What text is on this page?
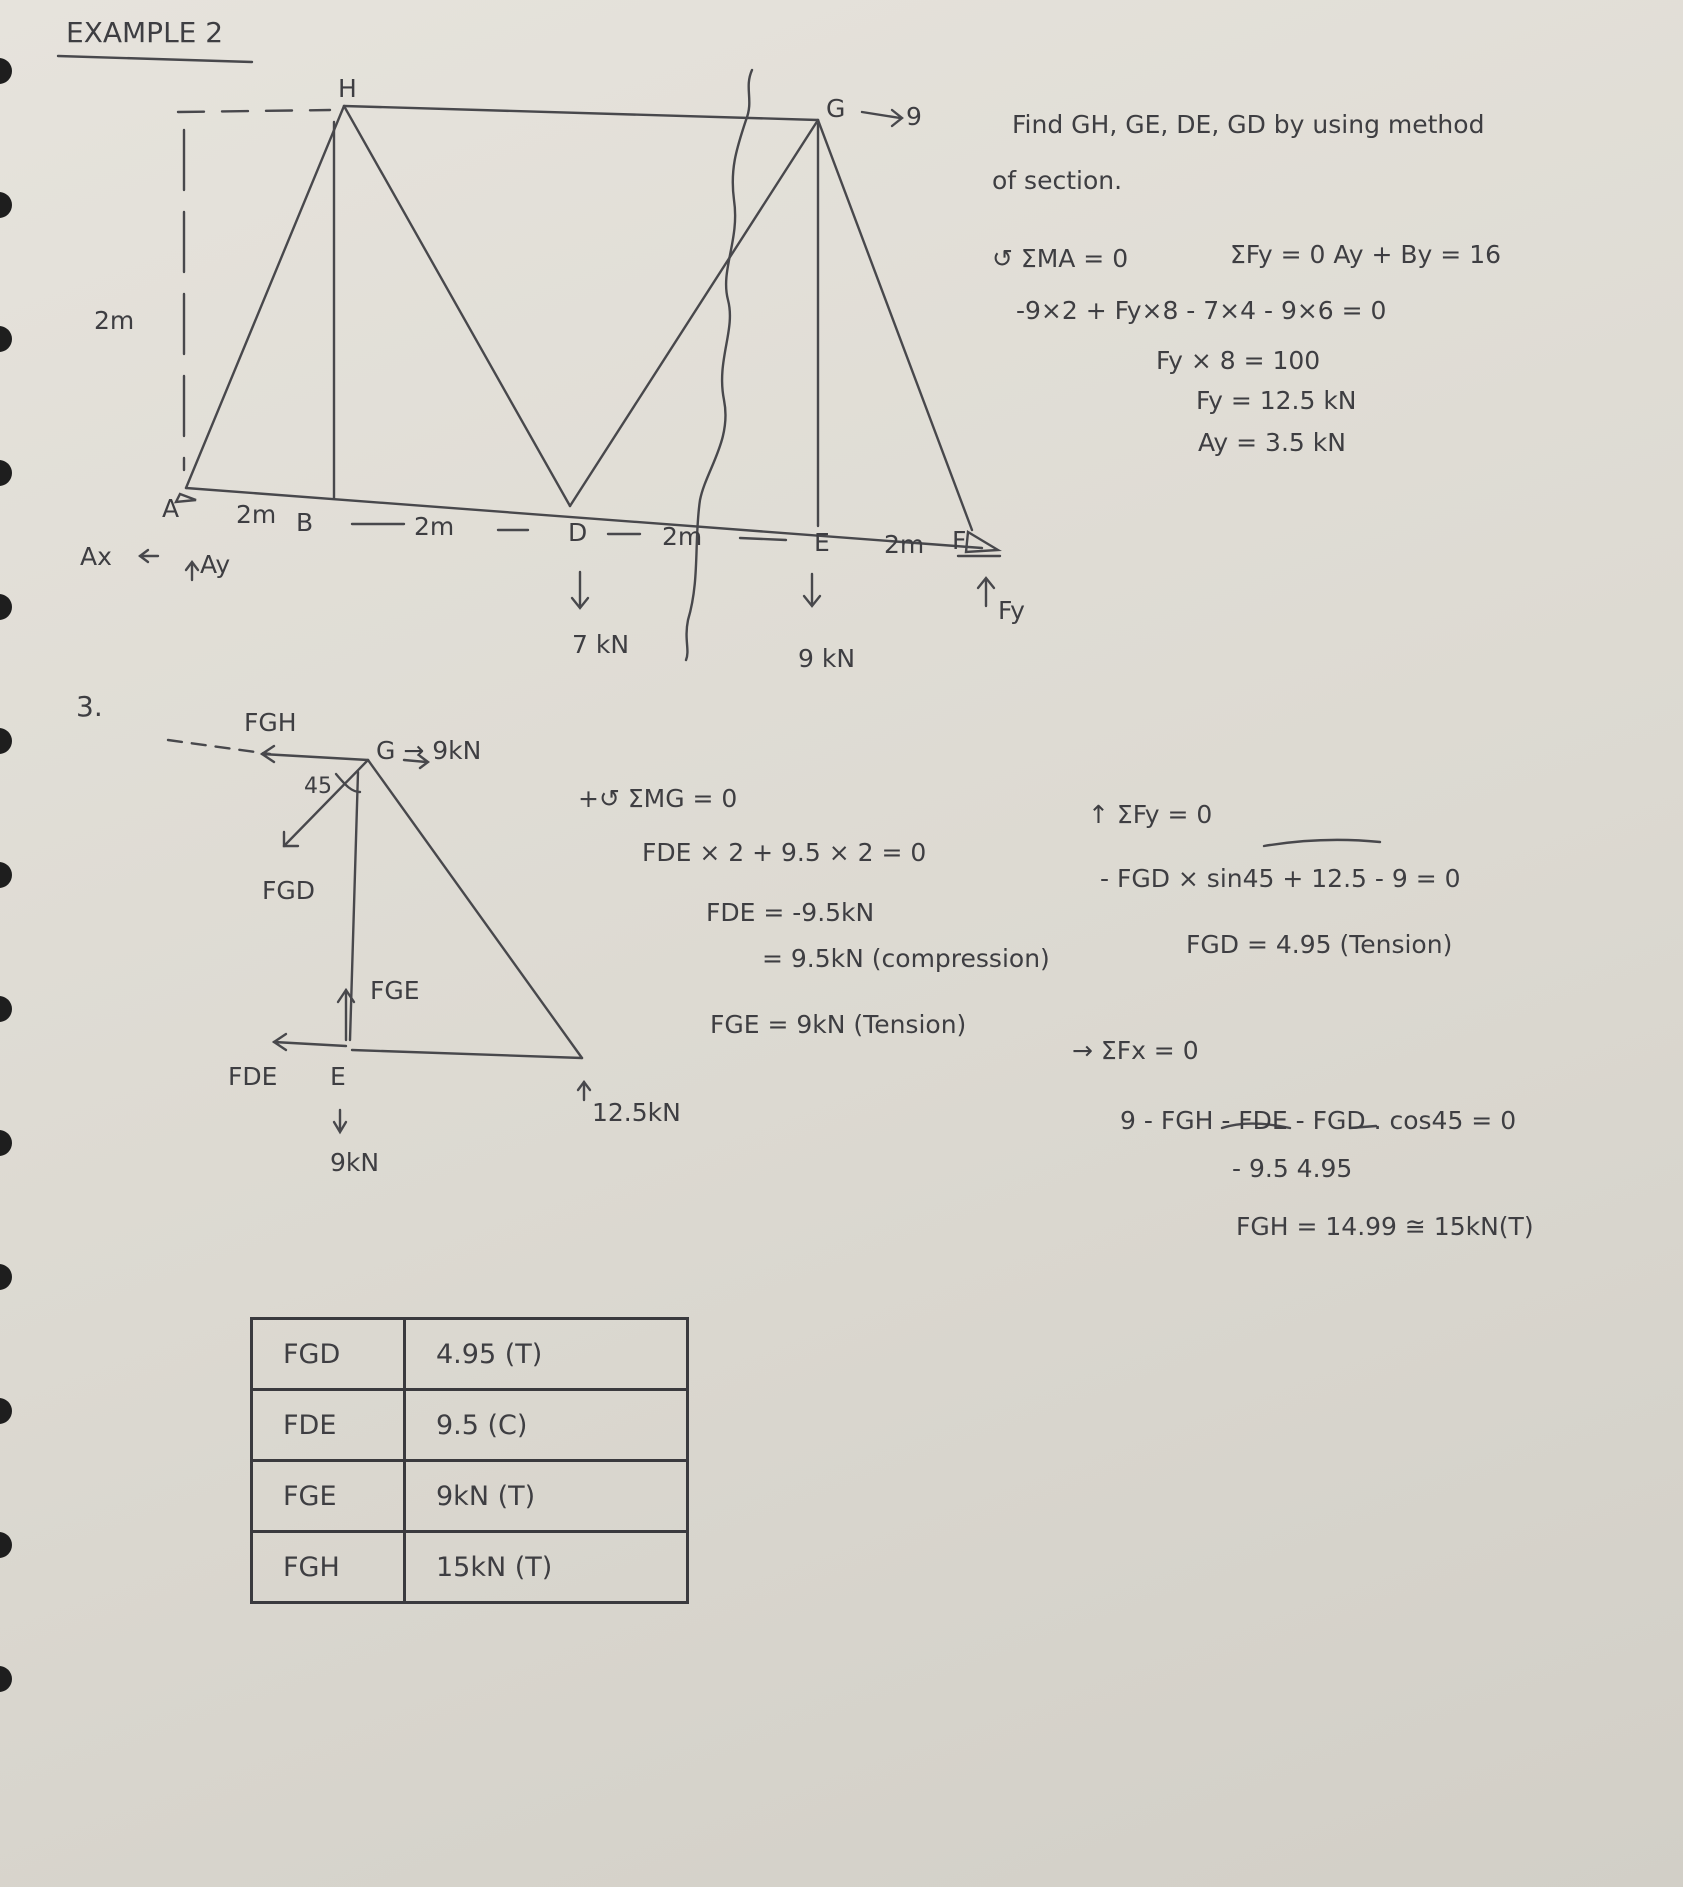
EXAMPLE 2
H
G 9
2m
A 2m B	2m	D	2m	E 2m F
Ax	Ay
Fy
7 kN	9 kN
Find GH, GE, DE, GD by using method
of section.
↺ ΣMA = 0	ΣFy = 0 Ay + By = 16
-9×2 + Fy×8 - 7×4 - 9×6 = 0
Fy × 8 = 100
Fy = 12.5 kN
Ay = 3.5 kN
3.	FGH
G → 9kN
45
FGD
FGE
FDE E
9kN
12.5kN
+↺ ΣMG = 0
FDE × 2 + 9.5 × 2 = 0
FDE = -9.5kN
= 9.5kN (compression)
FGE = 9kN (Tension)
↑ ΣFy = 0
- FGD × sin45 + 12.5 - 9 = 0
FGD = 4.95 (Tension)
→ ΣFx = 0
9 - FGH - FDE - FGD . cos45 = 0
- 9.5 4.95
FGH = 14.99 ≅ 15kN(T)
FGD	4.95 (T)
FDE	9.5 (C)
FGE	9kN (T)
FGH	15kN (T)
